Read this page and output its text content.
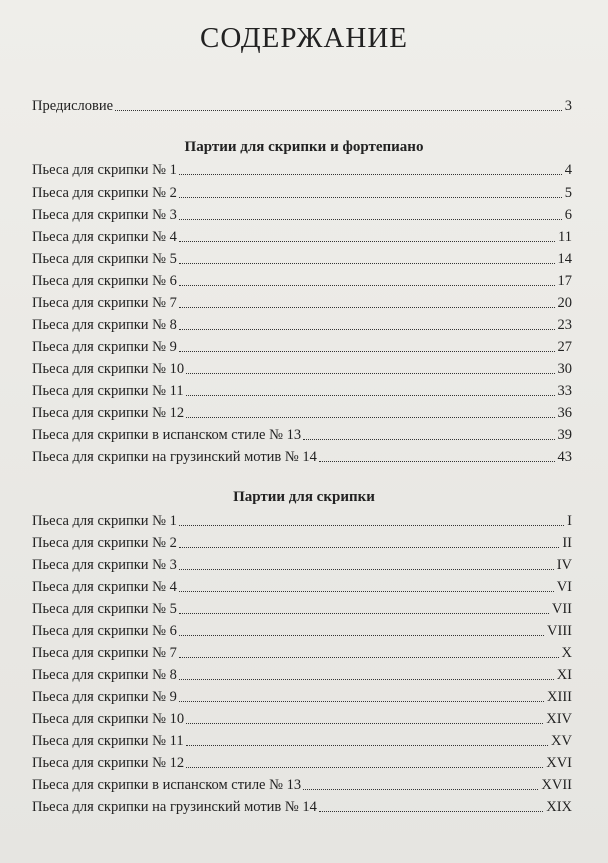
СОДЕРЖАНИЕ
Предисловие	3
Партии для скрипки и фортепиано
Пьеса для скрипки № 1	4
Пьеса для скрипки № 2	5
Пьеса для скрипки № 3	6
Пьеса для скрипки № 4	11
Пьеса для скрипки № 5	14
Пьеса для скрипки № 6	17
Пьеса для скрипки № 7	20
Пьеса для скрипки № 8	23
Пьеса для скрипки № 9	27
Пьеса для скрипки № 10	30
Пьеса для скрипки № 11	33
Пьеса для скрипки № 12	36
Пьеса для скрипки в испанском стиле № 13	39
Пьеса для скрипки на грузинский мотив № 14	43
Партии для скрипки
Пьеса для скрипки № 1	I
Пьеса для скрипки № 2	II
Пьеса для скрипки № 3	IV
Пьеса для скрипки № 4	VI
Пьеса для скрипки № 5	VII
Пьеса для скрипки № 6	VIII
Пьеса для скрипки № 7	X
Пьеса для скрипки № 8	XI
Пьеса для скрипки № 9	XIII
Пьеса для скрипки № 10	XIV
Пьеса для скрипки № 11	XV
Пьеса для скрипки № 12	XVI
Пьеса для скрипки в испанском стиле № 13	XVII
Пьеса для скрипки на грузинский мотив № 14	XIX
